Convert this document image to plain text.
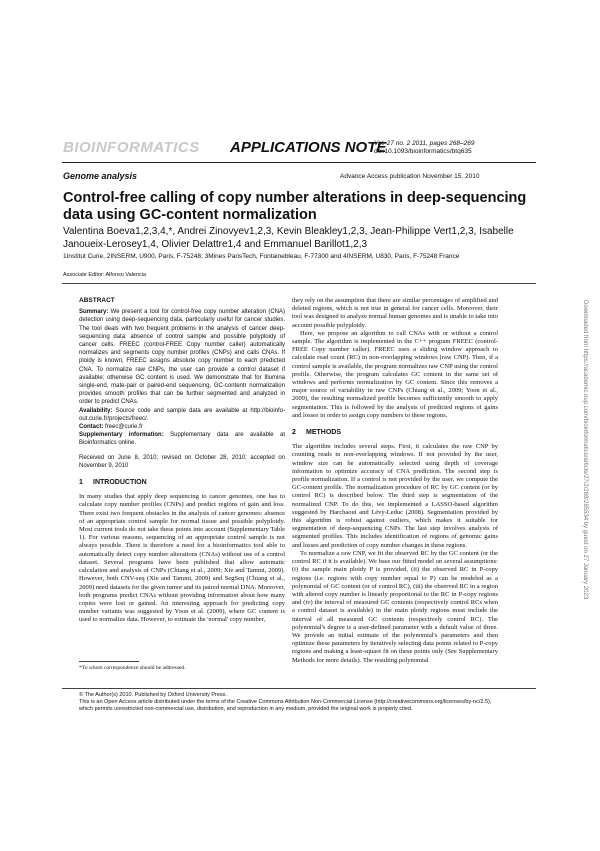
BIOINFORMATICS APPLICATIONS NOTE
Vol. 27 no. 2 2011, pages 268–269
doi:10.1093/bioinformatics/btq635
Genome analysis	Advance Access publication November 15, 2010
Control-free calling of copy number alterations in deep-sequencing data using GC-content normalization
Valentina Boeva1,2,3,4,*, Andrei Zinovyev1,2,3, Kevin Bleakley1,2,3, Jean-Philippe Vert1,2,3, Isabelle Janoueix-Lerosey1,4, Olivier Delattre1,4 and Emmanuel Barillot1,2,3
1Institut Curie, 2INSERM, U900, Paris, F-75248, 3Mines ParisTech, Fontainebleau, F-77300 and 4INSERM, U830, Paris, F-75248 France
Associate Editor: Alfonso Valencia
ABSTRACT

Summary: We present a tool for control-free copy number alteration (CNA) detection using deep-sequencing data, particularly useful for cancer studies. The tool deals with two frequent problems in the analysis of cancer deep-sequencing data: absence of control sample and possible polyploidy of cancer cells. FREEC (control-FREE Copy number caller) automatically normalizes and segments copy number profiles (CNPs) and calls CNAs. If ploidy is known, FREEC assigns absolute copy number to each predicted CNA. To normalize raw CNPs, the user can provide a control dataset if available; otherwise GC content is used. We demonstrate that for Illumina single-end, mate-pair or paired-end sequencing, GC-contentr normalization provides smooth profiles that can be further segmented and analyzed in order to predict CNAs.

Availability: Source code and sample data are available at http://bioinfo-out.curie.fr/projects/freec/.

Contact: freec@curie.fr

Supplementary information: Supplementary data are available at Bioinformatics online.

Received on June 8, 2010; revised on October 28, 2010; accepted on November 9, 2010

1 INTRODUCTION

In many studies that apply deep sequencing to cancer genomes, one has to calculate copy number profiles (CNPs) and predict regions of gain and loss. There exist two frequent obstacles in the analysis of cancer genomes: absence of an appropriate control sample for normal tissue and possible polyploidy. Most current tools do not take these points into account (Supplementary Table 1). For various reasons, sequencing of an appropriate control sample is not always possible. There is therefore a need for a bioinformatics tool able to automatically detect copy number alterations (CNAs) without use of a control dataset. Several programs have been published that allow automatic calculation and analysis of CNPs (Chiang et al., 2009; Xie and Tammi, 2009). However, both CNV-seq (Xie and Tammi, 2009) and SegSeq (Chiang et al., 2009) need datasets for the given tumor and its paired normal DNA. Moreover, both programs predict CNAs without providing information about how many copies were lost or gained. An interesting approach for predicting copy number variants was suggested by Yoon et al. (2009), where GC content is used to normalize data. However, to estimate the 'normal' copy number,

*To whom correspondence should be addressed.

they rely on the assumption that there are similar percentages of amplified and deleted regions, which is not true in general for cancer cells. Moreover, their tool was designed to analyze normal human genomes and is unable to take into account possible polyploidy.

Here, we propose an algorithm to call CNAs with or without a control sample. The algorithm is implemented in the C++ program FREEC (control-FREE Copy number caller). FREEC uses a sliding window approach to calculate read count (RC) in non-overlapping windows (raw CNP). Then, if a control sample is available, the program normalizes raw CNP using the control profile. Otherwise, the program calculates GC content in the same set of windows and performs normalization by GC content. Since this removes a major source of variability in raw CNPs (Chiang et al., 2009; Yoon et al., 2009), the resulting normalized profile becomes sufficiently smooth to apply segmentation. This is followed by the analysis of predicted regions of gains and losses in order to assign copy numbers to these regions.

2 METHODS

The algorithm includes several steps. First, it calculates the raw CNP by counting reads in non-overlapping windows. If not provided by the user, window size can be automatically selected using depth of coverage information to optimize accuracy of CNA prediction. The second step is profile normalization. If a control is not provided by the user, we compute the GC-content profile. The normalization procedure of RC by GC content (or by control RC) is described below. The third step is segmentation of the normalized CNP. To do this, we implemented a LASSO-based algorithm suggested by Harchaoui and Lévy-Leduc (2008). Segmentation provided by this algorithm is robust against outliers, which makes it suitable for segmentation of deep-sequencing CNPs. The last step involves analysis of segmented profiles. This includes identification of regions of genomic gains and losses and prediction of copy number changes in these regions.

To normalize a raw CNP, we fit the observed RC by the GC content (or the control RC if it is available). We base our fitted model on several assumptions: (i) the sample main ploidy P is provided, (ii) the observed RC in P-copy regions (i.e. regions with copy number equal to P) can be modeled as a polynomial of GC content (or of control RC), (iii) the observed RC in a region with altered copy number is linearly proportional to the RC in P-copy regions and (iv) the interval of measured GC contents (respectively control RCs when a control dataset is available) in the main ploidy regions must include the interval of all measured GC contents (respectively control RC). The polynomial's degree is a user-defined parameter with a default value of three. We provide an initial estimate of the polynomial's parameters and then optimize these parameters by iteratively selecting data points related to P-copy regions and making a least-square fit on these points only (See Supplementary Methods for more details). The resulting polynomial

© The Author(s) 2010. Published by Oxford University Press.
This is an Open Access article distributed under the terms of the Creative Commons Attribution Non-Commercial License (http://creativecommons.org/licenses/by-nc/2.5), which permits unrestricted non-commercial use, distribution, and reproduction in any medium, provided the original work is properly cited.
Downloaded from https://academic.oup.com/bioinformatics/article/27/2/268/285534 by guest on 27 January 2023
